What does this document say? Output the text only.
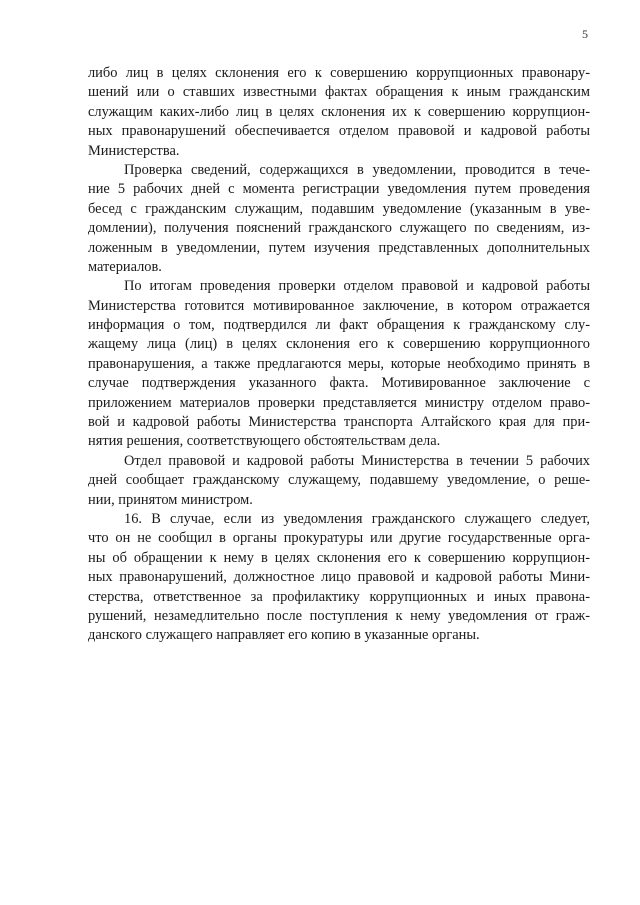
5
либо лиц в целях склонения его к совершению коррупционных правонару-
шений или о ставших известными фактах обращения к иным гражданским
служащим каких-либо лиц в целях склонения их к совершению коррупцион-
ных правонарушений обеспечивается отделом правовой и кадровой работы
Министерства.
Проверка сведений, содержащихся в уведомлении, проводится в тече-
ние 5 рабочих дней с момента регистрации уведомления путем проведения
бесед с гражданским служащим, подавшим уведомление (указанным в уве-
домлении), получения пояснений гражданского служащего по сведениям, из-
ложенным в уведомлении, путем изучения представленных дополнительных
материалов.
По итогам проведения проверки отделом правовой и кадровой работы
Министерства готовится мотивированное заключение, в котором отражается
информация о том, подтвердился ли факт обращения к гражданскому слу-
жащему лица (лиц) в целях склонения его к совершению коррупционного
правонарушения, а также предлагаются меры, которые необходимо принять в
случае подтверждения указанного факта. Мотивированное заключение с
приложением материалов проверки представляется министру отделом право-
вой и кадровой работы Министерства транспорта Алтайского края для при-
нятия решения, соответствующего обстоятельствам дела.
Отдел правовой и кадровой работы Министерства в течении 5 рабочих
дней сообщает гражданскому служащему, подавшему уведомление, о реше-
нии, принятом министром.
16. В случае, если из уведомления гражданского служащего следует,
что он не сообщил в органы прокуратуры или другие государственные орга-
ны об обращении к нему в целях склонения его к совершению коррупцион-
ных правонарушений, должностное лицо правовой и кадровой работы Мини-
стерства, ответственное за профилактику коррупционных и иных правона-
рушений, незамедлительно после поступления к нему уведомления от граж-
данского служащего направляет его копию в указанные органы.
